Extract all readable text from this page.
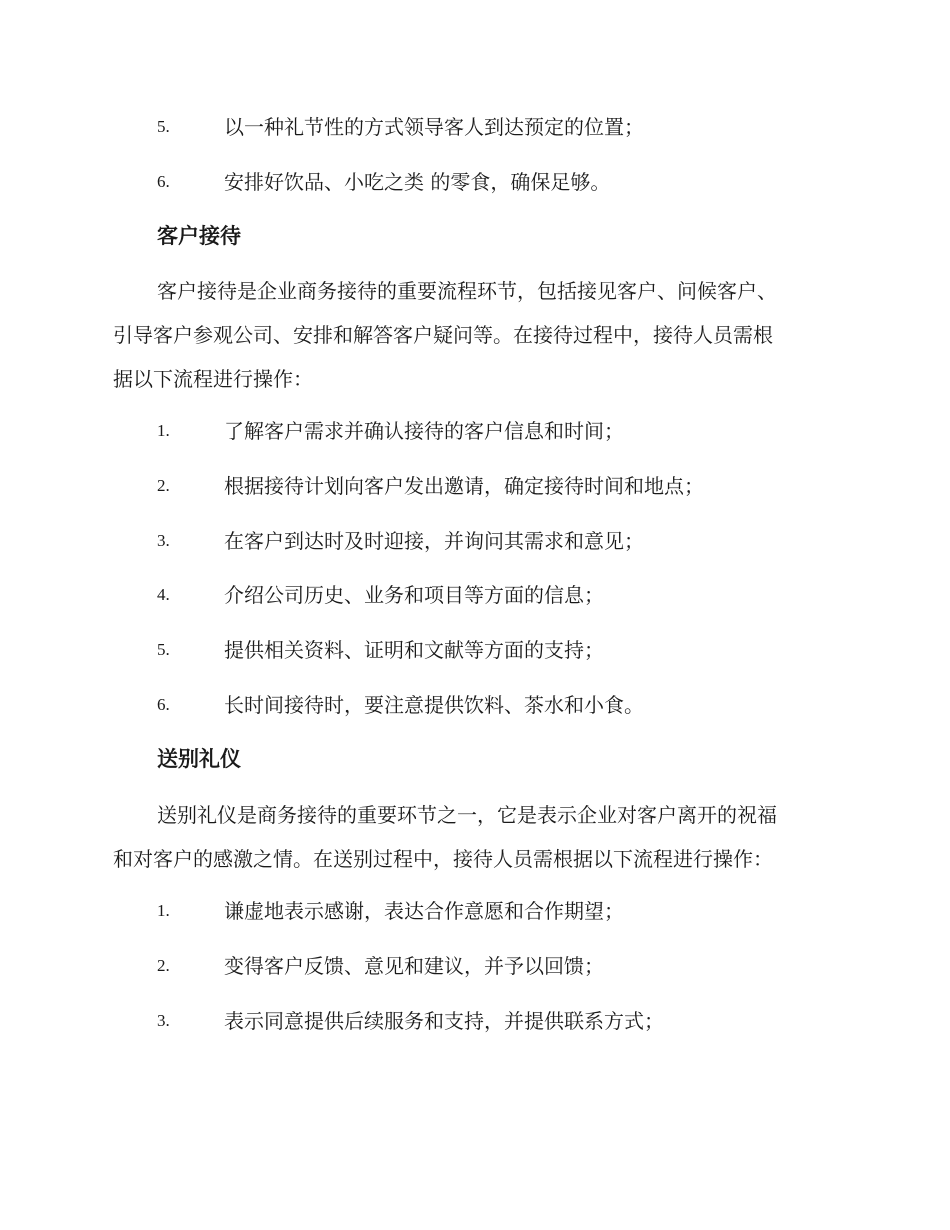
5.	以一种礼节性的方式领导客人到达预定的位置；
6.	安排好饮品、小吃之类 的零食，确保足够。
客户接待
客户接待是企业商务接待的重要流程环节，包括接见客户、问候客户、
引导客户参观公司、安排和解答客户疑问等。在接待过程中，接待人员需根
据以下流程进行操作：
1.	了解客户需求并确认接待的客户信息和时间；
2.	根据接待计划向客户发出邀请，确定接待时间和地点；
3.	在客户到达时及时迎接，并询问其需求和意见；
4.	介绍公司历史、业务和项目等方面的信息；
5.	提供相关资料、证明和文献等方面的支持；
6.	长时间接待时，要注意提供饮料、茶水和小食。
送别礼仪
送别礼仪是商务接待的重要环节之一，它是表示企业对客户离开的祝福
和对客户的感激之情。在送别过程中，接待人员需根据以下流程进行操作：
1.	谦虚地表示感谢，表达合作意愿和合作期望；
2.	变得客户反馈、意见和建议，并予以回馈；
3.	表示同意提供后续服务和支持，并提供联系方式；
